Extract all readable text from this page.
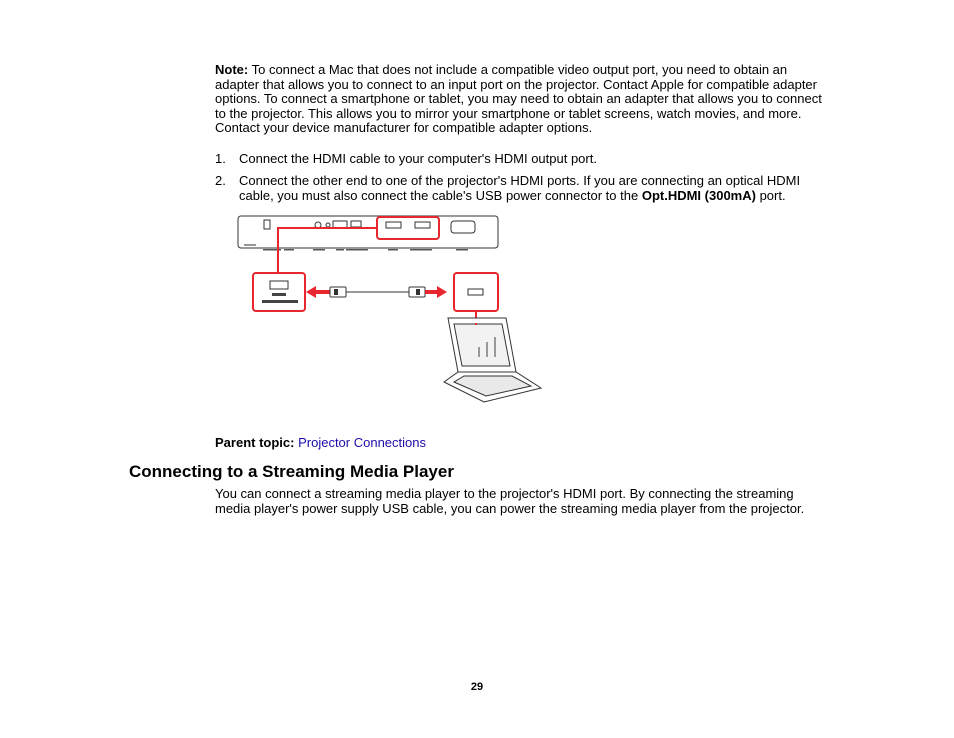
Note: To connect a Mac that does not include a compatible video output port, you need to obtain an adapter that allows you to connect to an input port on the projector. Contact Apple for compatible adapter options. To connect a smartphone or tablet, you may need to obtain an adapter that allows you to connect to the projector. This allows you to mirror your smartphone or tablet screens, watch movies, and more. Contact your device manufacturer for compatible adapter options.
1. Connect the HDMI cable to your computer's HDMI output port.
2. Connect the other end to one of the projector's HDMI ports. If you are connecting an optical HDMI cable, you must also connect the cable's USB power connector to the Opt.HDMI (300mA) port.
Parent topic: Projector Connections
Connecting to a Streaming Media Player
You can connect a streaming media player to the projector's HDMI port. By connecting the streaming media player's power supply USB cable, you can power the streaming media player from the projector.
29
